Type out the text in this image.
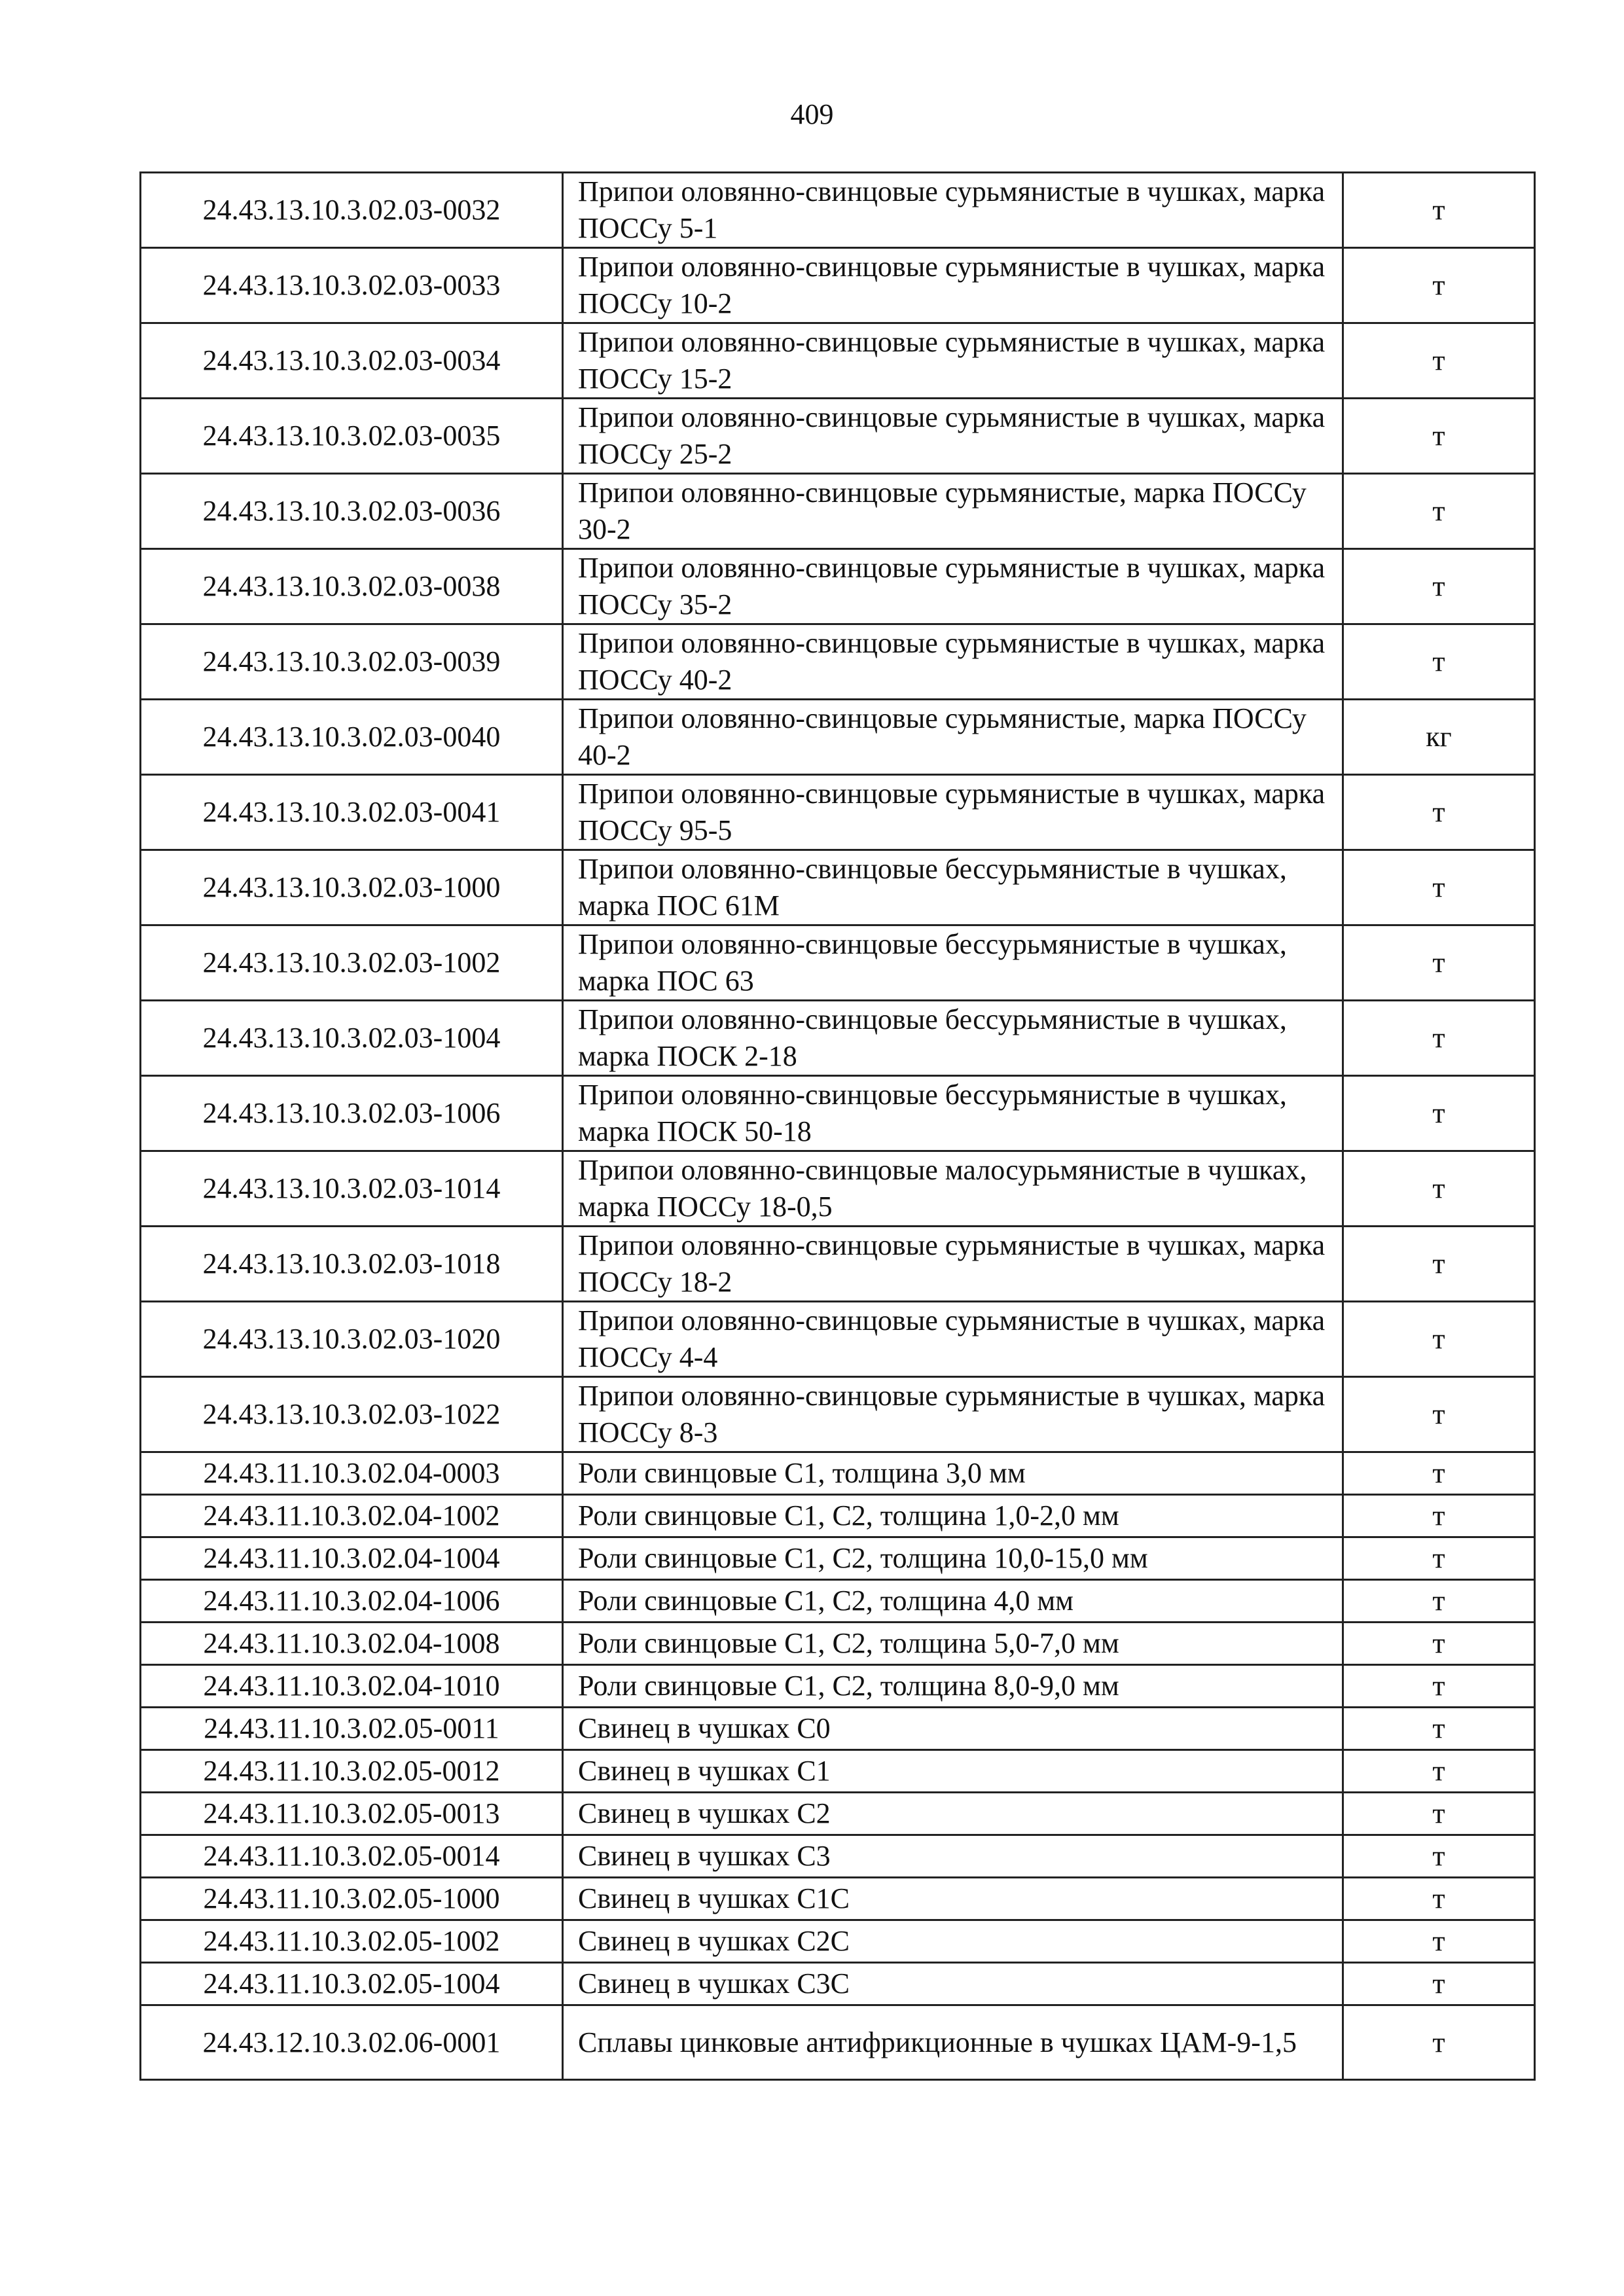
409
24.43.13.10.3.02.03-0032	Припои оловянно-свинцовые сурьмянистые в чушках, марка ПОССу 5-1	т
24.43.13.10.3.02.03-0033	Припои оловянно-свинцовые сурьмянистые в чушках, марка ПОССу 10-2	т
24.43.13.10.3.02.03-0034	Припои оловянно-свинцовые сурьмянистые в чушках, марка ПОССу 15-2	т
24.43.13.10.3.02.03-0035	Припои оловянно-свинцовые сурьмянистые в чушках, марка ПОССу 25-2	т
24.43.13.10.3.02.03-0036	Припои оловянно-свинцовые сурьмянистые, марка ПОССу 30-2	т
24.43.13.10.3.02.03-0038	Припои оловянно-свинцовые сурьмянистые в чушках, марка ПОССу 35-2	т
24.43.13.10.3.02.03-0039	Припои оловянно-свинцовые сурьмянистые в чушках, марка ПОССу 40-2	т
24.43.13.10.3.02.03-0040	Припои оловянно-свинцовые сурьмянистые, марка ПОССу 40-2	кг
24.43.13.10.3.02.03-0041	Припои оловянно-свинцовые сурьмянистые в чушках, марка ПОССу 95-5	т
24.43.13.10.3.02.03-1000	Припои оловянно-свинцовые бессурьмянистые в чушках, марка ПОС 61М	т
24.43.13.10.3.02.03-1002	Припои оловянно-свинцовые бессурьмянистые в чушках, марка ПОС 63	т
24.43.13.10.3.02.03-1004	Припои оловянно-свинцовые бессурьмянистые в чушках, марка ПОСК 2-18	т
24.43.13.10.3.02.03-1006	Припои оловянно-свинцовые бессурьмянистые в чушках, марка ПОСК 50-18	т
24.43.13.10.3.02.03-1014	Припои оловянно-свинцовые малосурьмянистые в чушках, марка ПОССу 18-0,5	т
24.43.13.10.3.02.03-1018	Припои оловянно-свинцовые сурьмянистые в чушках, марка ПОССу 18-2	т
24.43.13.10.3.02.03-1020	Припои оловянно-свинцовые сурьмянистые в чушках, марка ПОССу 4-4	т
24.43.13.10.3.02.03-1022	Припои оловянно-свинцовые сурьмянистые в чушках, марка ПОССу 8-3	т
24.43.11.10.3.02.04-0003	Роли свинцовые С1, толщина 3,0 мм	т
24.43.11.10.3.02.04-1002	Роли свинцовые С1, С2, толщина 1,0-2,0 мм	т
24.43.11.10.3.02.04-1004	Роли свинцовые С1, С2, толщина 10,0-15,0 мм	т
24.43.11.10.3.02.04-1006	Роли свинцовые С1, С2, толщина 4,0 мм	т
24.43.11.10.3.02.04-1008	Роли свинцовые С1, С2, толщина 5,0-7,0 мм	т
24.43.11.10.3.02.04-1010	Роли свинцовые С1, С2, толщина 8,0-9,0 мм	т
24.43.11.10.3.02.05-0011	Свинец в чушках С0	т
24.43.11.10.3.02.05-0012	Свинец в чушках С1	т
24.43.11.10.3.02.05-0013	Свинец в чушках С2	т
24.43.11.10.3.02.05-0014	Свинец в чушках С3	т
24.43.11.10.3.02.05-1000	Свинец в чушках С1С	т
24.43.11.10.3.02.05-1002	Свинец в чушках С2С	т
24.43.11.10.3.02.05-1004	Свинец в чушках С3С	т
24.43.12.10.3.02.06-0001	Сплавы цинковые антифрикционные в чушках ЦАМ-9-1,5	т
